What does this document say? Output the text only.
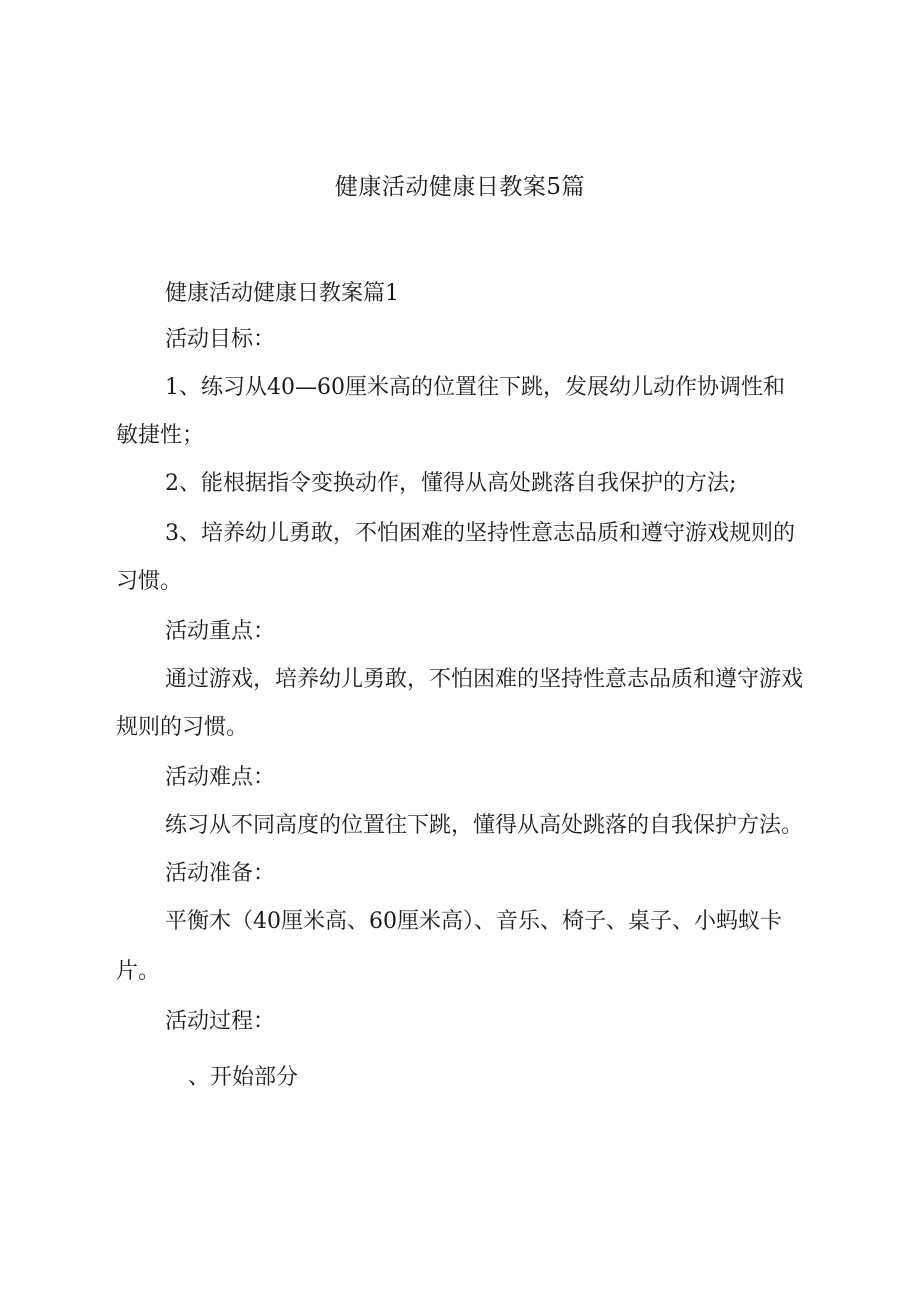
健康活动健康日教案5篇

健康活动健康日教案篇1

活动目标：

1、练习从40—60厘米高的位置往下跳，发展幼儿动作协调性和

敏捷性；

2、能根据指令变换动作，懂得从高处跳落自我保护的方法;

3、培养幼儿勇敢，不怕困难的坚持性意志品质和遵守游戏规则的

习惯。

活动重点：

通过游戏，培养幼儿勇敢，不怕困难的坚持性意志品质和遵守游戏

规则的习惯。

活动难点：

练习从不同高度的位置往下跳，懂得从高处跳落的自我保护方法。

活动准备：

平衡木（40厘米高、60厘米高）、音乐、椅子、桌子、小蚂蚁卡

片。

活动过程：

、开始部分
